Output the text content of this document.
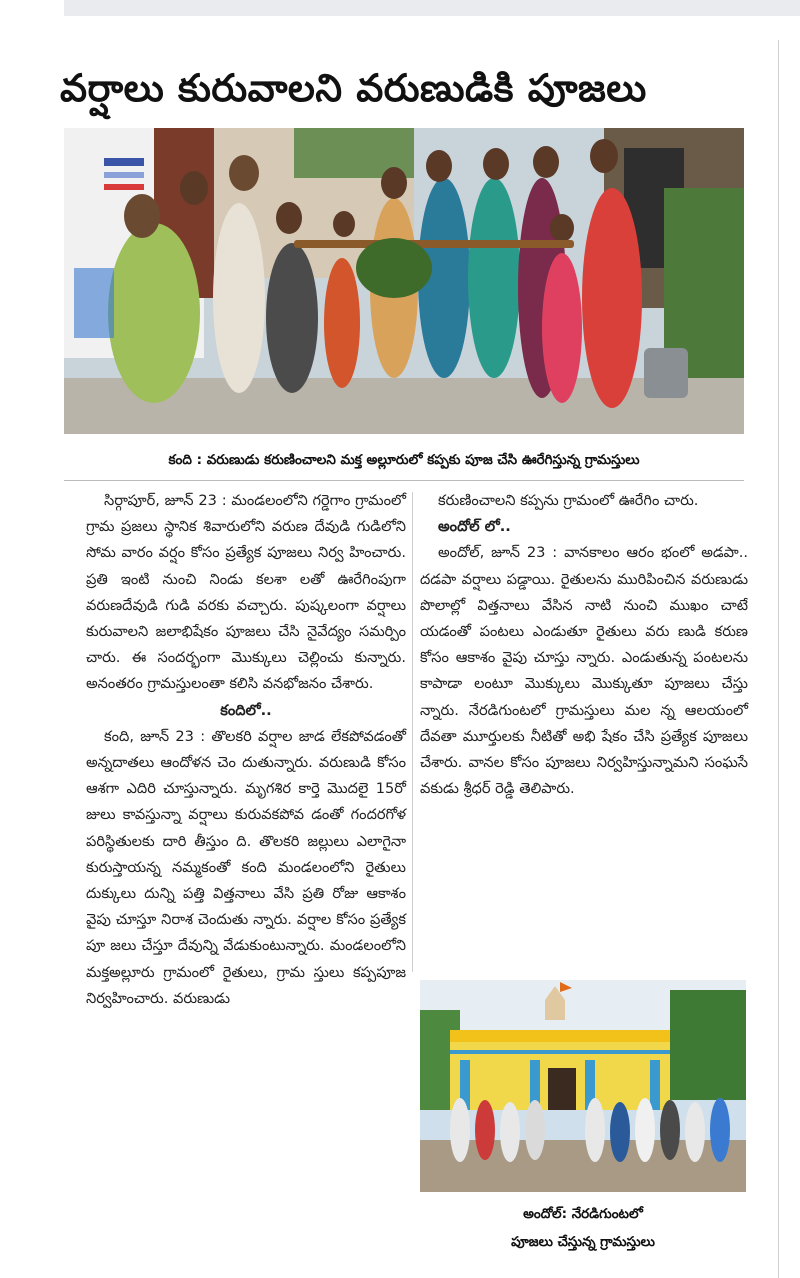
వర్షాలు కురువాలని వరుణుడికి పూజలు
కంది : వరుణుడు కరుణించాలని మక్త అల్లూరులో కప్పకు పూజ చేసి ఊరేగిస్తున్న గ్రామస్తులు

సిర్గాపూర్, జూన్ 23 : మండలంలోని గర్డెగాం గ్రామంలో గ్రామ ప్రజలు స్థానిక శివారులోని వరుణ దేవుడి గుడిలోని సోమ వారం వర్షం కోసం ప్రత్యేక పూజలు నిర్వ హించారు. ప్రతి ఇంటి నుంచి నిండు కలశా లతో ఊరేగింపుగా వరుణదేవుడి గుడి వరకు వచ్చారు. పుష్కలంగా వర్షాలు కురువాలని జలాభిషేకం పూజలు చేసి నైవేద్యం సమర్పిం చారు. ఈ సందర్భంగా మొక్కులు చెల్లించు కున్నారు. అనంతరం గ్రామస్తులంతా కలిసి వనభోజనం చేశారు.

కందిలో..

కంది, జూన్ 23 : తొలకరి వర్షాల జాడ లేకపోవడంతో అన్నదాతలు ఆందోళన చెం దుతున్నారు. వరుణుడి కోసం ఆశగా ఎదిరి చూస్తున్నారు. మృగశిర కార్తె మొదలై 15రో జులు కావస్తున్నా వర్షాలు కురువకపోవ డంతో గందరగోళ పరిస్థితులకు దారి తీస్తుం ది. తొలకరి జల్లులు ఎలాగైనా కురుస్తాయన్న నమ్మకంతో కంది మండలంలోని రైతులు దుక్కులు దున్ని పత్తి విత్తనాలు వేసి ప్రతి రోజు ఆకాశం వైపు చూస్తూ నిరాశ చెందుతు న్నారు. వర్షాల కోసం ప్రత్యేక పూ జలు చేస్తూ దేవున్ని వేడుకుంటున్నారు. మండలంలోని మక్తఅల్లూరు గ్రామంలో రైతులు, గ్రామ స్తులు కప్పపూజ నిర్వహించారు. వరుణుడు

కరుణించాలని కప్పను గ్రామంలో ఊరేగిం చారు.

అందోల్ లో..

అందోల్, జూన్ 23 : వానకాలం ఆరం భంలో అడపా.. దడపా వర్షాలు పడ్డాయి. రైతులను మురిపించిన వరుణుడు పొలాల్లో విత్తనాలు వేసిన నాటి నుంచి ముఖం చాటే యడంతో పంటలు ఎండుతూ రైతులు వరు ణుడి కరుణ కోసం ఆకాశం వైపు చూస్తు న్నారు. ఎండుతున్న పంటలను కాపాడా లంటూ మొక్కులు మొక్కుతూ పూజలు చేస్తు న్నారు. నేరడిగుంటలో గ్రామస్తులు మల న్న ఆలయంలో దేవతా మూర్తులకు నీటితో అభి షేకం చేసి ప్రత్యేక పూజలు చేశారు. వానల కోసం పూజలు నిర్వహిస్తున్నామని సంఘసే వకుడు శ్రీధర్ రెడ్డి తెలిపారు.

అందోల్: నేరడిగుంటలో
పూజలు చేస్తున్న గ్రామస్తులు
